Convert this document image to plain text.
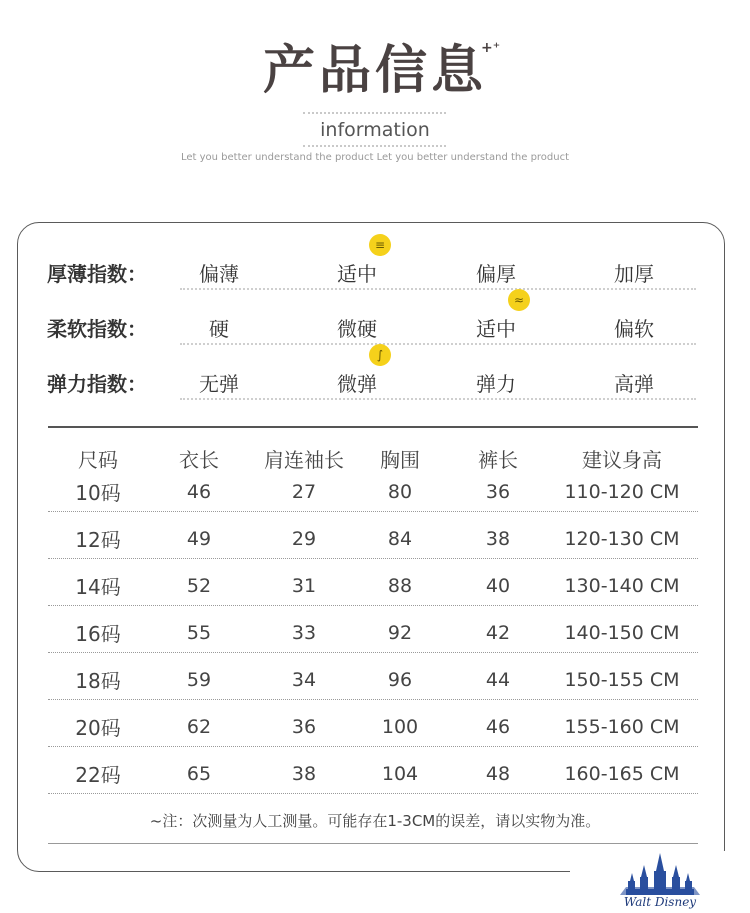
产品信息
+⁺
information
Let you better understand the product Let you better understand the product
厚薄指数：	偏薄	适中	偏厚	加厚
≡
柔软指数：	硬	微硬	适中	偏软
≈
弹力指数：	无弹	微弹	弹力	高弹
∫
尺码	衣长	肩连袖长	胸围	裤长	建议身高
10码	46	27	80	36	110-120 CM
12码	49	29	84	38	120-130 CM
14码	52	31	88	40	130-140 CM
16码	55	33	92	42	140-150 CM
18码	59	34	96	44	150-155 CM
20码	62	36	100	46	155-160 CM
22码	65	38	104	48	160-165 CM
~注：次测量为人工测量。可能存在1-3CM的误差，请以实物为准。
Walt Disney
